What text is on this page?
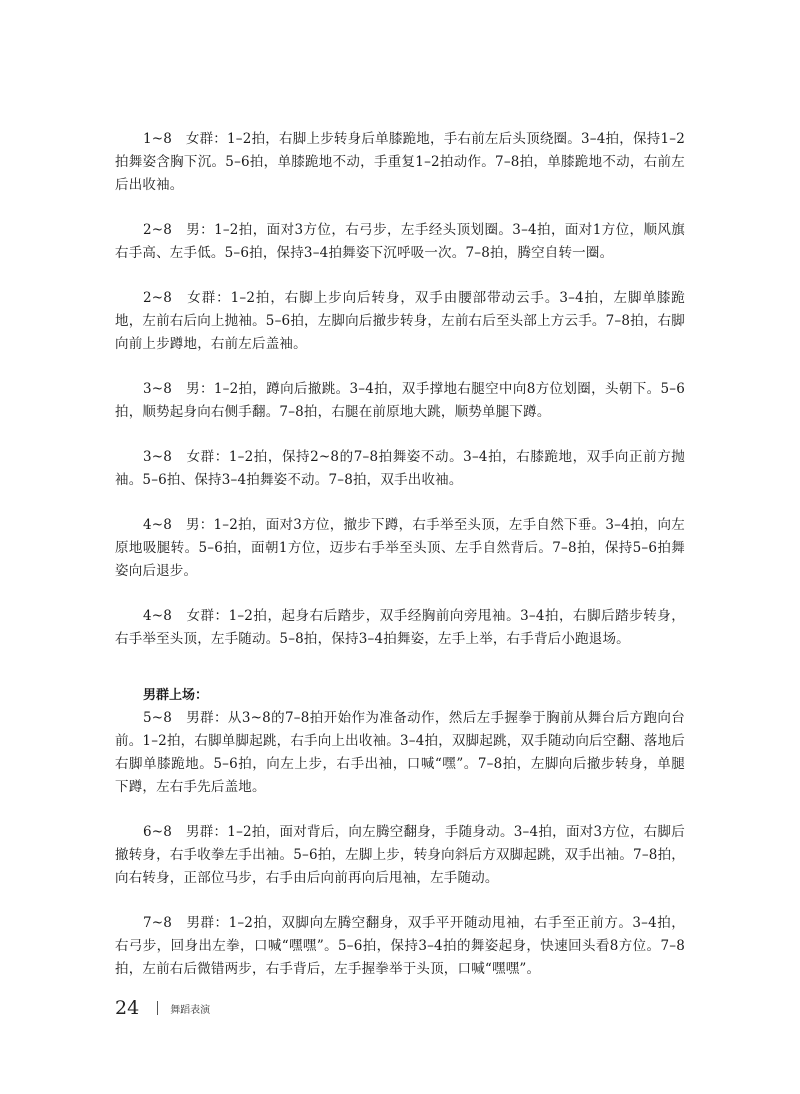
1~8　女群：1–2拍，右脚上步转身后单膝跪地，手右前左后头顶绕圈。3–4拍，保持1–2拍舞姿含胸下沉。5–6拍，单膝跪地不动，手重复1–2拍动作。7–8拍，单膝跪地不动，右前左后出收袖。

2~8　男：1–2拍，面对3方位，右弓步，左手经头顶划圈。3–4拍，面对1方位，顺风旗右手高、左手低。5–6拍，保持3–4拍舞姿下沉呼吸一次。7–8拍，腾空自转一圈。

2~8　女群：1–2拍，右脚上步向后转身，双手由腰部带动云手。3–4拍，左脚单膝跪地，左前右后向上抛袖。5–6拍，左脚向后撤步转身，左前右后至头部上方云手。7–8拍，右脚向前上步蹲地，右前左后盖袖。

3~8　男：1–2拍，蹲向后撤跳。3–4拍，双手撑地右腿空中向8方位划圈，头朝下。5–6拍，顺势起身向右侧手翻。7–8拍，右腿在前原地大跳，顺势单腿下蹲。

3~8　女群：1–2拍，保持2~8的7–8拍舞姿不动。3–4拍，右膝跪地，双手向正前方抛袖。5–6拍、保持3–4拍舞姿不动。7–8拍，双手出收袖。

4~8　男：1–2拍，面对3方位，撤步下蹲，右手举至头顶，左手自然下垂。3–4拍，向左原地吸腿转。5–6拍，面朝1方位，迈步右手举至头顶、左手自然背后。7–8拍，保持5–6拍舞姿向后退步。

4~8　女群：1–2拍，起身右后踏步，双手经胸前向旁甩袖。3–4拍，右脚后踏步转身，右手举至头顶，左手随动。5–8拍，保持3–4拍舞姿，左手上举，右手背后小跑退场。

男群上场：

5~8　男群：从3~8的7–8拍开始作为准备动作，然后左手握拳于胸前从舞台后方跑向台前。1–2拍，右脚单脚起跳，右手向上出收袖。3–4拍，双脚起跳，双手随动向后空翻、落地后右脚单膝跪地。5–6拍，向左上步，右手出袖，口喊“嘿”。7–8拍，左脚向后撤步转身，单腿下蹲，左右手先后盖地。

6~8　男群：1–2拍，面对背后，向左腾空翻身，手随身动。3–4拍，面对3方位，右脚后撤转身，右手收拳左手出袖。5–6拍，左脚上步，转身向斜后方双脚起跳，双手出袖。7–8拍，向右转身，正部位马步，右手由后向前再向后甩袖，左手随动。

7~8　男群：1–2拍，双脚向左腾空翻身，双手平开随动甩袖，右手至正前方。3–4拍，右弓步，回身出左拳，口喊“嘿嘿”。5–6拍，保持3–4拍的舞姿起身，快速回头看8方位。7–8拍，左前右后微错两步，右手背后，左手握拳举于头顶，口喊“嘿嘿”。

24	舞蹈表演
